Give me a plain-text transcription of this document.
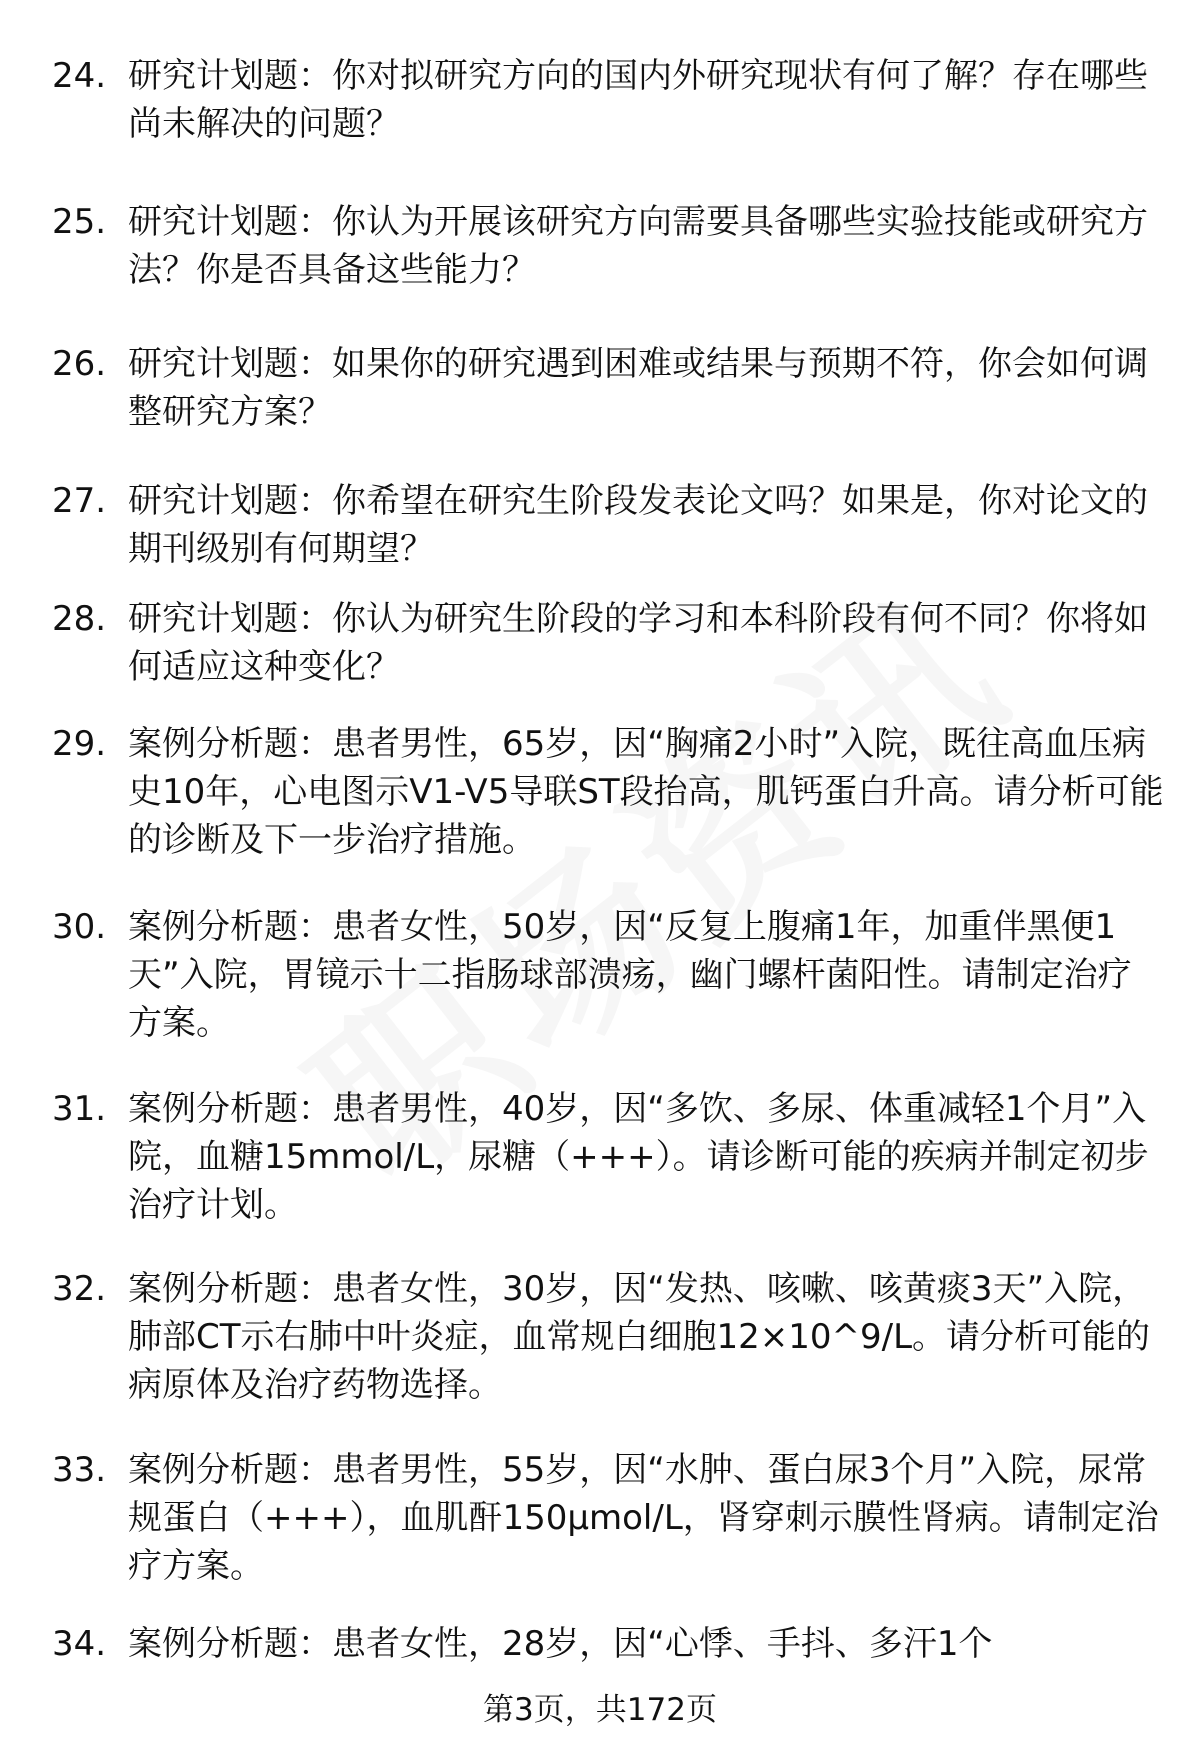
24. 研究计划题：你对拟研究方向的国内外研究现状有何了解？存在哪些尚未解决的问题？
25. 研究计划题：你认为开展该研究方向需要具备哪些实验技能或研究方法？你是否具备这些能力？
26. 研究计划题：如果你的研究遇到困难或结果与预期不符，你会如何调整研究方案？
27. 研究计划题：你希望在研究生阶段发表论文吗？如果是，你对论文的期刊级别有何期望？
28. 研究计划题：你认为研究生阶段的学习和本科阶段有何不同？你将如何适应这种变化？
29. 案例分析题：患者男性，65岁，因“胸痛2小时”入院，既往高血压病史10年，心电图示V1-V5导联ST段抬高，肌钙蛋白升高。请分析可能的诊断及下一步治疗措施。
30. 案例分析题：患者女性，50岁，因“反复上腹痛1年，加重伴黑便1天”入院，胃镜示十二指肠球部溃疡，幽门螺杆菌阳性。请制定治疗方案。
31. 案例分析题：患者男性，40岁，因“多饮、多尿、体重减轻1个月”入院，血糖15mmol/L，尿糖（+++）。请诊断可能的疾病并制定初步治疗计划。
32. 案例分析题：患者女性，30岁，因“发热、咳嗽、咳黄痰3天”入院，肺部CT示右肺中叶炎症，血常规白细胞12×10^9/L。请分析可能的病原体及治疗药物选择。
33. 案例分析题：患者男性，55岁，因“水肿、蛋白尿3个月”入院，尿常规蛋白（+++），血肌酐150μmol/L，肾穿刺示膜性肾病。请制定治疗方案。
34. 案例分析题：患者女性，28岁，因“心悸、手抖、多汗1个
第3页，共172页
